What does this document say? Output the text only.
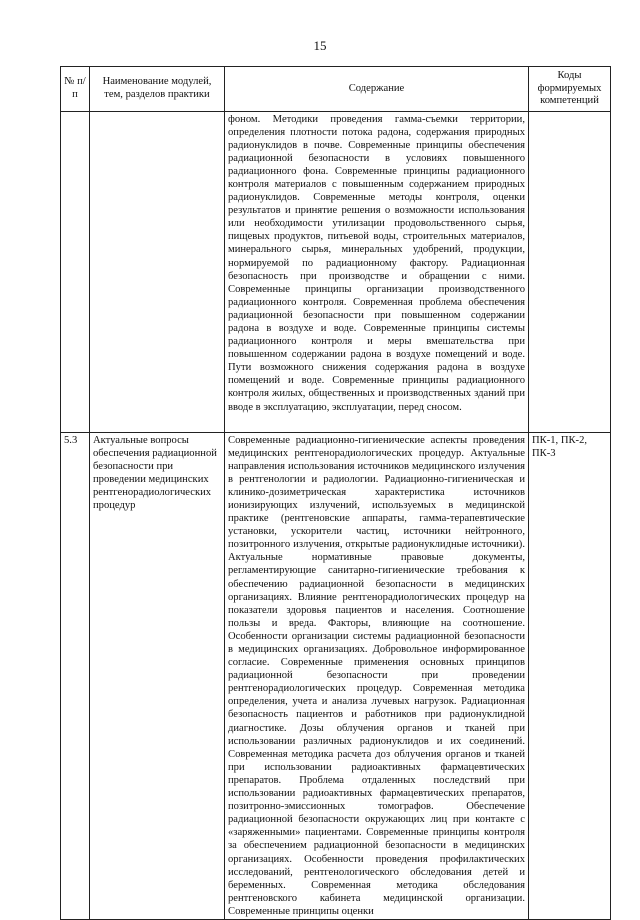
15
№ п/п	Наименование модулей, тем, разделов практики	Содержание	Коды формируемых компетенций
		фоном. Методики проведения гамма-съемки территории, определения плотности потока радона, содержания природных радионуклидов в почве. Современные принципы обеспечения радиационной безопасности в условиях повышенного радиационного фона. Современные принципы радиационного контроля материалов с повышенным содержанием природных радионуклидов. Современные методы контроля, оценки результатов и принятие решения о возможности использования или необходимости утилизации продовольственного сырья, пищевых продуктов, питьевой воды, строительных материалов, минерального сырья, минеральных удобрений, продукции, нормируемой по радиационному фактору. Радиационная безопасность при производстве и обращении с ними. Современные принципы организации производственного радиационного контроля. Современная проблема обеспечения радиационной безопасности при повышенном содержании радона в воздухе и воде. Современные принципы системы радиационного контроля и меры вмешательства при повышенном содержании радона в воздухе помещений и воде. Пути возможного снижения содержания радона в воздухе помещений и воде. Современные принципы радиационного контроля жилых, общественных и производственных зданий при вводе в эксплуатацию, эксплуатации, перед сносом.	
5.3	Актуальные вопросы обеспечения радиационной безопасности при проведении медицинских рентгенорадиологических процедур	Современные радиационно-гигиенические аспекты проведения медицинских рентгенорадиологических процедур. Актуальные направления использования источников медицинского излучения в рентгенологии и радиологии. Радиационно-гигиеническая и клинико-дозиметрическая характеристика источников ионизирующих излучений, используемых в медицинской практике (рентгеновские аппараты, гамма-терапевтические установки, ускорители частиц, источники нейтронного, позитронного излучения, открытые радионуклидные источники). Актуальные нормативные правовые документы, регламентирующие санитарно-гигиенические требования к обеспечению радиационной безопасности в медицинских организациях. Влияние рентгенорадиологических процедур на показатели здоровья пациентов и населения. Соотношение пользы и вреда. Факторы, влияющие на соотношение. Особенности организации системы радиационной безопасности в медицинских организациях. Добровольное информированное согласие. Современные применения основных принципов радиационной безопасности при проведении рентгенорадиологических процедур. Современная методика определения, учета и анализа лучевых нагрузок. Радиационная безопасность пациентов и работников при радионуклидной диагностике. Дозы облучения органов и тканей при использовании различных радионуклидов и их соединений. Современная методика расчета доз облучения органов и тканей при использовании радиоактивных фармацевтических препаратов. Проблема отдаленных последствий при использовании радиоактивных фармацевтических препаратов, позитронно-эмиссионных томографов. Обеспечение радиационной безопасности окружающих лиц при контакте с «заряженными» пациентами. Современные принципы контроля за обеспечением радиационной безопасности в медицинских организациях. Особенности проведения профилактических исследований, рентгенологического обследования детей и беременных. Современная методика обследования рентгеновского кабинета медицинской организации. Современные принципы оценки	ПК-1, ПК-2, ПК-3
